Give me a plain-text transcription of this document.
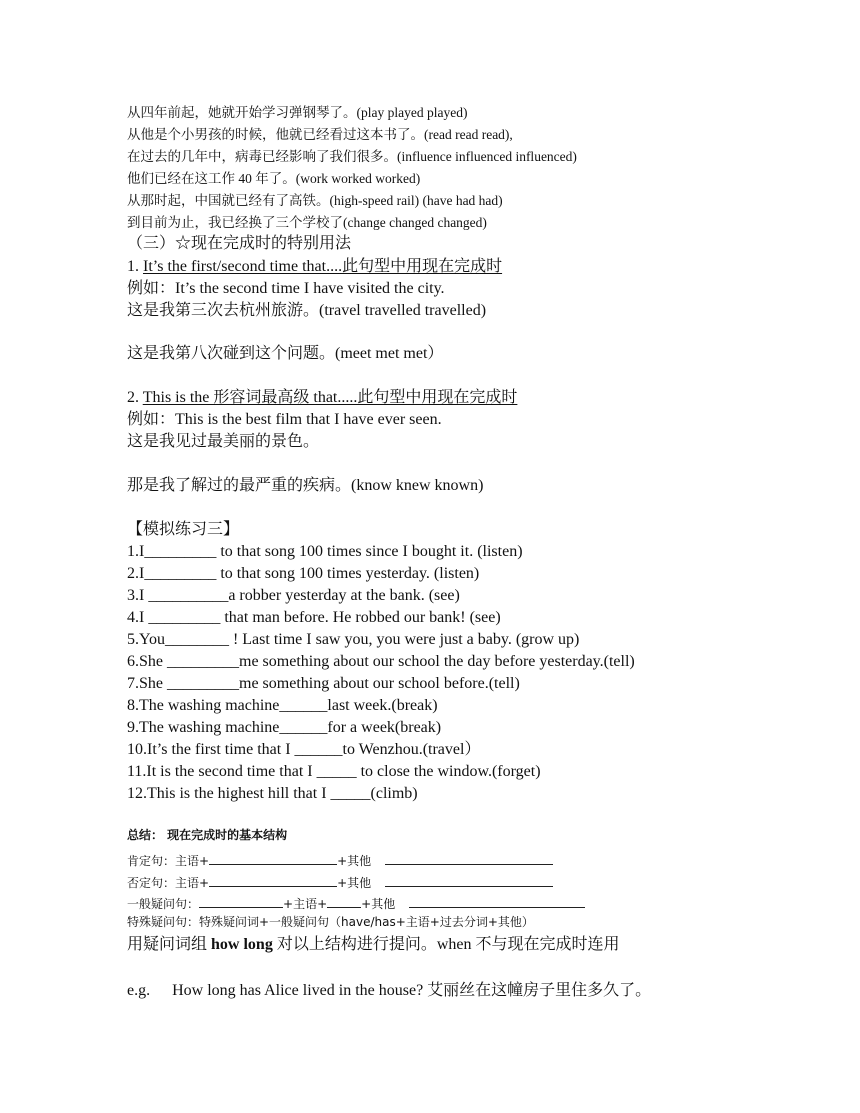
从四年前起，她就开始学习弹钢琴了。(play played played)
从他是个小男孩的时候，他就已经看过这本书了。(read read read),
在过去的几年中，病毒已经影响了我们很多。(influence influenced influenced)
他们已经在这工作 40 年了。(work worked worked)
从那时起，中国就已经有了高铁。(high-speed rail) (have had had)
到目前为止，我已经换了三个学校了(change changed changed)
（三）☆现在完成时的特别用法
1. It’s the first/second time that....此句型中用现在完成时
例如：It’s the second time I have visited the city.
这是我第三次去杭州旅游。(travel travelled travelled)
这是我第八次碰到这个问题。(meet met met）
2. This is the 形容词最高级 that.....此句型中用现在完成时
例如：This is the best film that I have ever seen.
这是我见过最美丽的景色。
那是我了解过的最严重的疾病。(know knew known)
【模拟练习三】
1.I_________ to that song 100 times since I bought it. (listen)
2.I_________ to that song 100 times yesterday. (listen)
3.I __________a robber yesterday at the bank. (see)
4.I _________ that man before. He robbed our bank! (see)
5.You________ ! Last time I saw you, you were just a baby. (grow up)
6.She _________me something about our school the day before yesterday.(tell)
7.She _________me something about our school before.(tell)
8.The washing machine______last week.(break)
9.The washing machine______for a week(break)
10.It’s the first time that I ______to Wenzhou.(travel）
11.It is the second time that I _____ to close the window.(forget)
12.This is the highest hill that I _____(climb)
总结： 现在完成时的基本结构
肯定句：主语+	+其他
否定句：主语+	+其他
一般疑问句：	+主语+	+其他
特殊疑问句：特殊疑问词+一般疑问句（have/has+主语+过去分词+其他）
用疑问词组 how long 对以上结构进行提问。when 不与现在完成时连用
e.g. How long has Alice lived in the house? 艾丽丝在这幢房子里住多久了。
